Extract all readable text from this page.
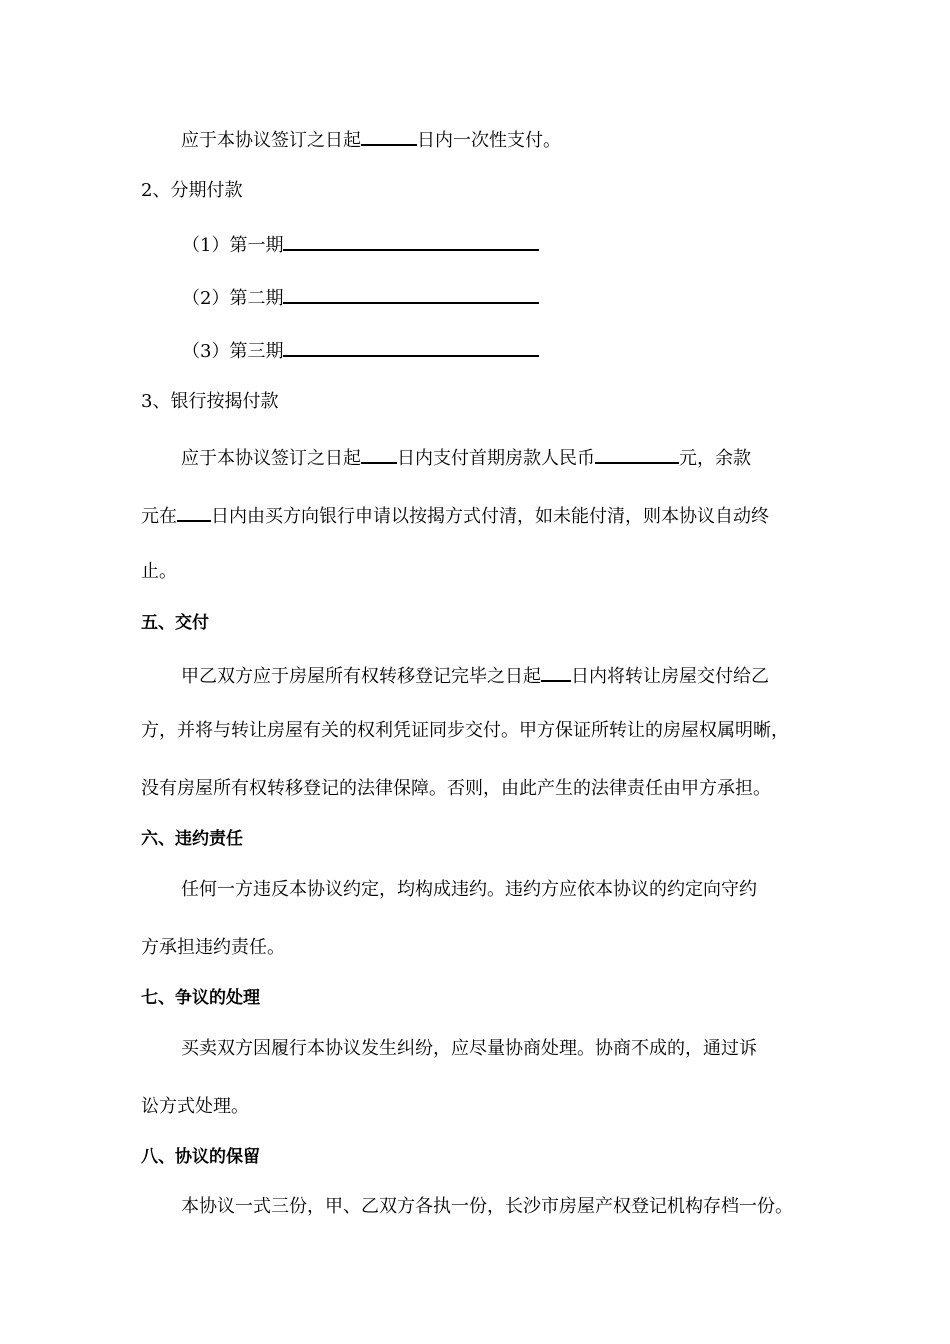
应于本协议签订之日起	日内一次性支付。
2、分期付款
（1）第一期
（2）第二期
（3）第三期
3、银行按揭付款
应于本协议签订之日起 日内支付首期房款人民币	元，余款
元在 日内由买方向银行申请以按揭方式付清，如未能付清，则本协议自动终
止。
五、交付
甲乙双方应于房屋所有权转移登记完毕之日起 日内将转让房屋交付给乙
方，并将与转让房屋有关的权利凭证同步交付。甲方保证所转让的房屋权属明晰，
没有房屋所有权转移登记的法律保障。否则，由此产生的法律责任由甲方承担。
六、违约责任
任何一方违反本协议约定，均构成违约。违约方应依本协议的约定向守约
方承担违约责任。
七、争议的处理
买卖双方因履行本协议发生纠纷，应尽量协商处理。协商不成的，通过诉
讼方式处理。
八、协议的保留
本协议一式三份，甲、乙双方各执一份，长沙市房屋产权登记机构存档一份。
